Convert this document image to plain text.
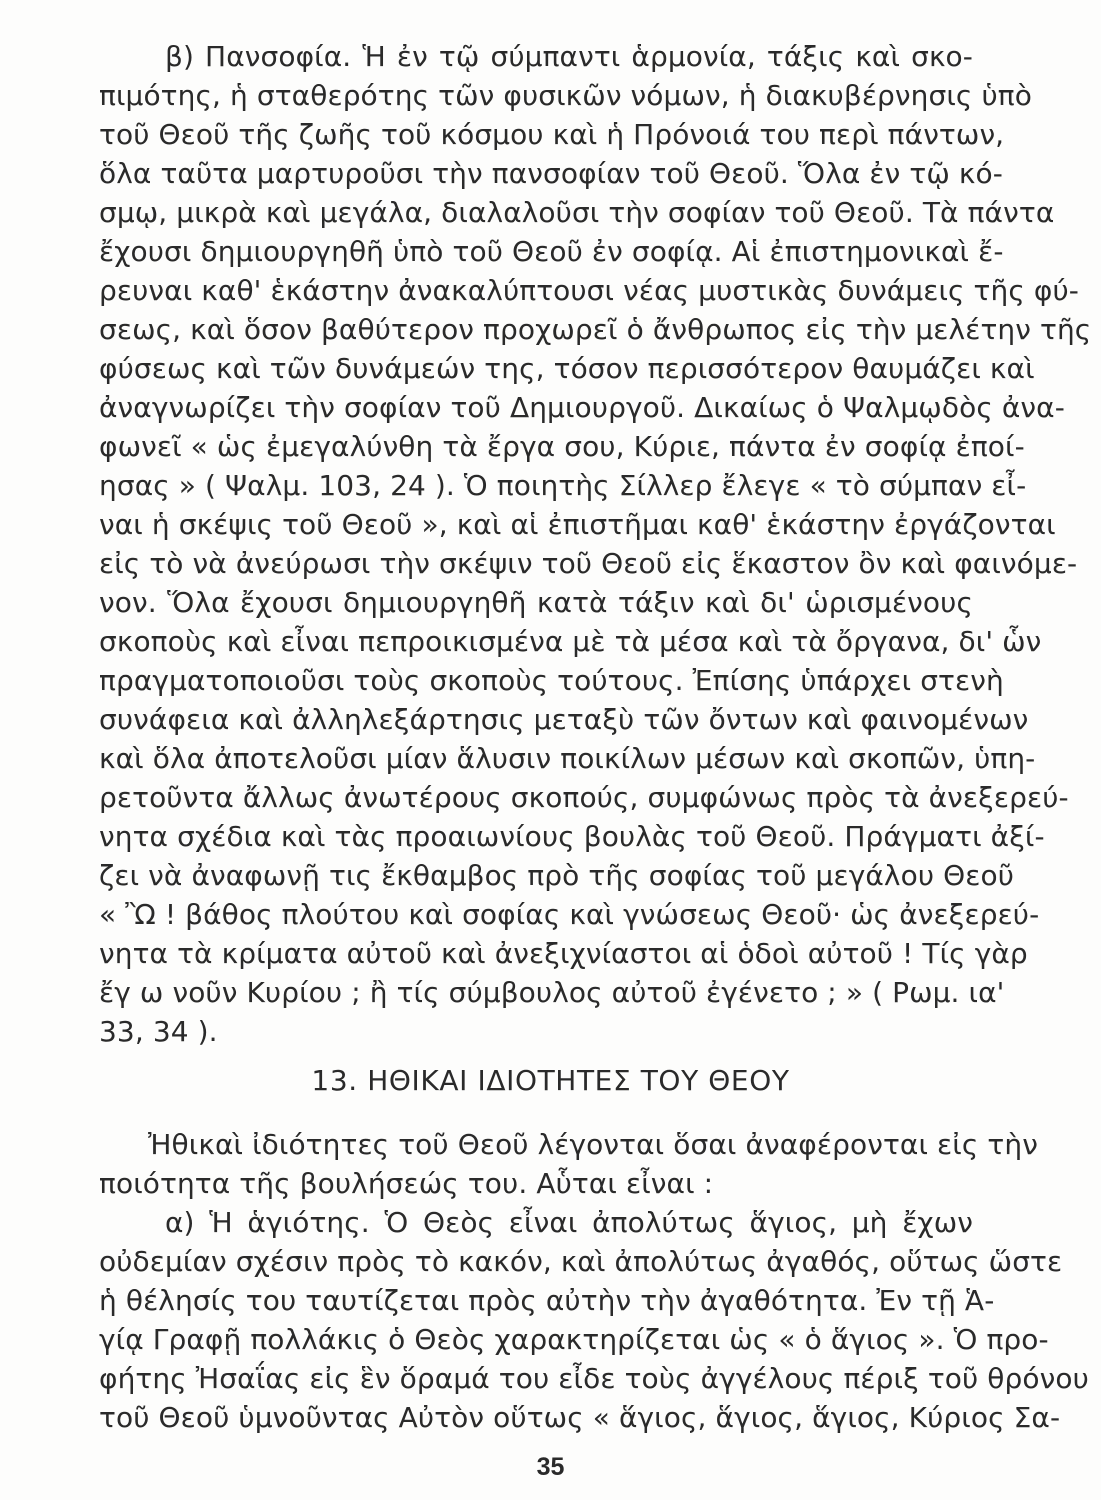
β) Πανσοφία. Ἡ ἐν τῷ σύμπαντι ἁρμονία, τάξις καὶ σκο-
πιμότης, ἡ σταθερότης τῶν φυσικῶν νόμων, ἡ διακυβέρνησις ὑπὸ
τοῦ Θεοῦ τῆς ζωῆς τοῦ κόσμου καὶ ἡ Πρόνοιά του περὶ πάντων,
ὅλα ταῦτα μαρτυροῦσι τὴν πανσοφίαν τοῦ Θεοῦ. Ὅλα ἐν τῷ κό-
σμῳ, μικρὰ καὶ μεγάλα, διαλαλοῦσι τὴν σοφίαν τοῦ Θεοῦ. Τὰ πάντα
ἔχουσι δημιουργηθῆ ὑπὸ τοῦ Θεοῦ ἐν σοφίᾳ. Αἱ ἐπιστημονικαὶ ἔ-
ρευναι καθ' ἑκάστην ἀνακαλύπτουσι νέας μυστικὰς δυνάμεις τῆς φύ-
σεως, καὶ ὅσον βαθύτερον προχωρεῖ ὁ ἄνθρωπος εἰς τὴν μελέτην τῆς
φύσεως καὶ τῶν δυνάμεών της, τόσον περισσότερον θαυμάζει καὶ
ἀναγνωρίζει τὴν σοφίαν τοῦ Δημιουργοῦ. Δικαίως ὁ Ψαλμῳδὸς ἀνα-
φωνεῖ « ὡς ἐμεγαλύνθη τὰ ἔργα σου, Κύριε, πάντα ἐν σοφίᾳ ἐποί-
ησας » ( Ψαλμ. 103, 24 ). Ὁ ποιητὴς Σίλλερ ἔλεγε « τὸ σύμπαν εἶ-
ναι ἡ σκέψις τοῦ Θεοῦ », καὶ αἱ ἐπιστῆμαι καθ' ἑκάστην ἐργάζονται
εἰς τὸ νὰ ἀνεύρωσι τὴν σκέψιν τοῦ Θεοῦ εἰς ἕκαστον ὂν καὶ φαινόμε-
νον. Ὅλα ἔχουσι δημιουργηθῆ κατὰ τάξιν καὶ δι' ὡρισμένους
σκοποὺς καὶ εἶναι πεπροικισμένα μὲ τὰ μέσα καὶ τὰ ὄργανα, δι' ὧν
πραγματοποιοῦσι τοὺς σκοποὺς τούτους. Ἐπίσης ὑπάρχει στενὴ
συνάφεια καὶ ἀλληλεξάρτησις μεταξὺ τῶν ὄντων καὶ φαινομένων
καὶ ὅλα ἀποτελοῦσι μίαν ἅλυσιν ποικίλων μέσων καὶ σκοπῶν, ὑπη-
ρετοῦντα ἄλλως ἀνωτέρους σκοπούς, συμφώνως πρὸς τὰ ἀνεξερεύ-
νητα σχέδια καὶ τὰς προαιωνίους βουλὰς τοῦ Θεοῦ. Πράγματι ἀξί-
ζει νὰ ἀναφωνῇ τις ἔκθαμβος πρὸ τῆς σοφίας τοῦ μεγάλου Θεοῦ
« Ὢ ! βάθος πλούτου καὶ σοφίας καὶ γνώσεως Θεοῦ· ὡς ἀνεξερεύ-
νητα τὰ κρίματα αὐτοῦ καὶ ἀνεξιχνίαστοι αἱ ὁδοὶ αὐτοῦ ! Τίς γὰρ
ἔγ ω νοῦν Κυρίου ; ἢ τίς σύμβουλος αὐτοῦ ἐγένετο ; » ( Ρωμ. ια'
33, 34 ).
13. ΗΘΙΚΑΙ ΙΔΙΟΤΗΤΕΣ ΤΟΥ ΘΕΟΥ
Ἠθικαὶ ἰδιότητες τοῦ Θεοῦ λέγονται ὅσαι ἀναφέρονται εἰς τὴν
ποιότητα τῆς βουλήσεώς του. Αὗται εἶναι :
α) Ἡ ἁγιότης. Ὁ Θεὸς εἶναι ἀπολύτως ἅγιος, μὴ ἔχων
οὐδεμίαν σχέσιν πρὸς τὸ κακόν, καὶ ἀπολύτως ἀγαθός, οὕτως ὥστε
ἡ θέλησίς του ταυτίζεται πρὸς αὐτὴν τὴν ἀγαθότητα. Ἐν τῇ Ἁ-
γίᾳ Γραφῇ πολλάκις ὁ Θεὸς χαρακτηρίζεται ὡς « ὁ ἅγιος ». Ὁ προ-
φήτης Ἠσαΐας εἰς ἓν ὅραμά του εἶδε τοὺς ἀγγέλους πέριξ τοῦ θρόνου
τοῦ Θεοῦ ὑμνοῦντας Αὐτὸν οὕτως « ἅγιος, ἅγιος, ἅγιος, Κύριος Σα-
35
